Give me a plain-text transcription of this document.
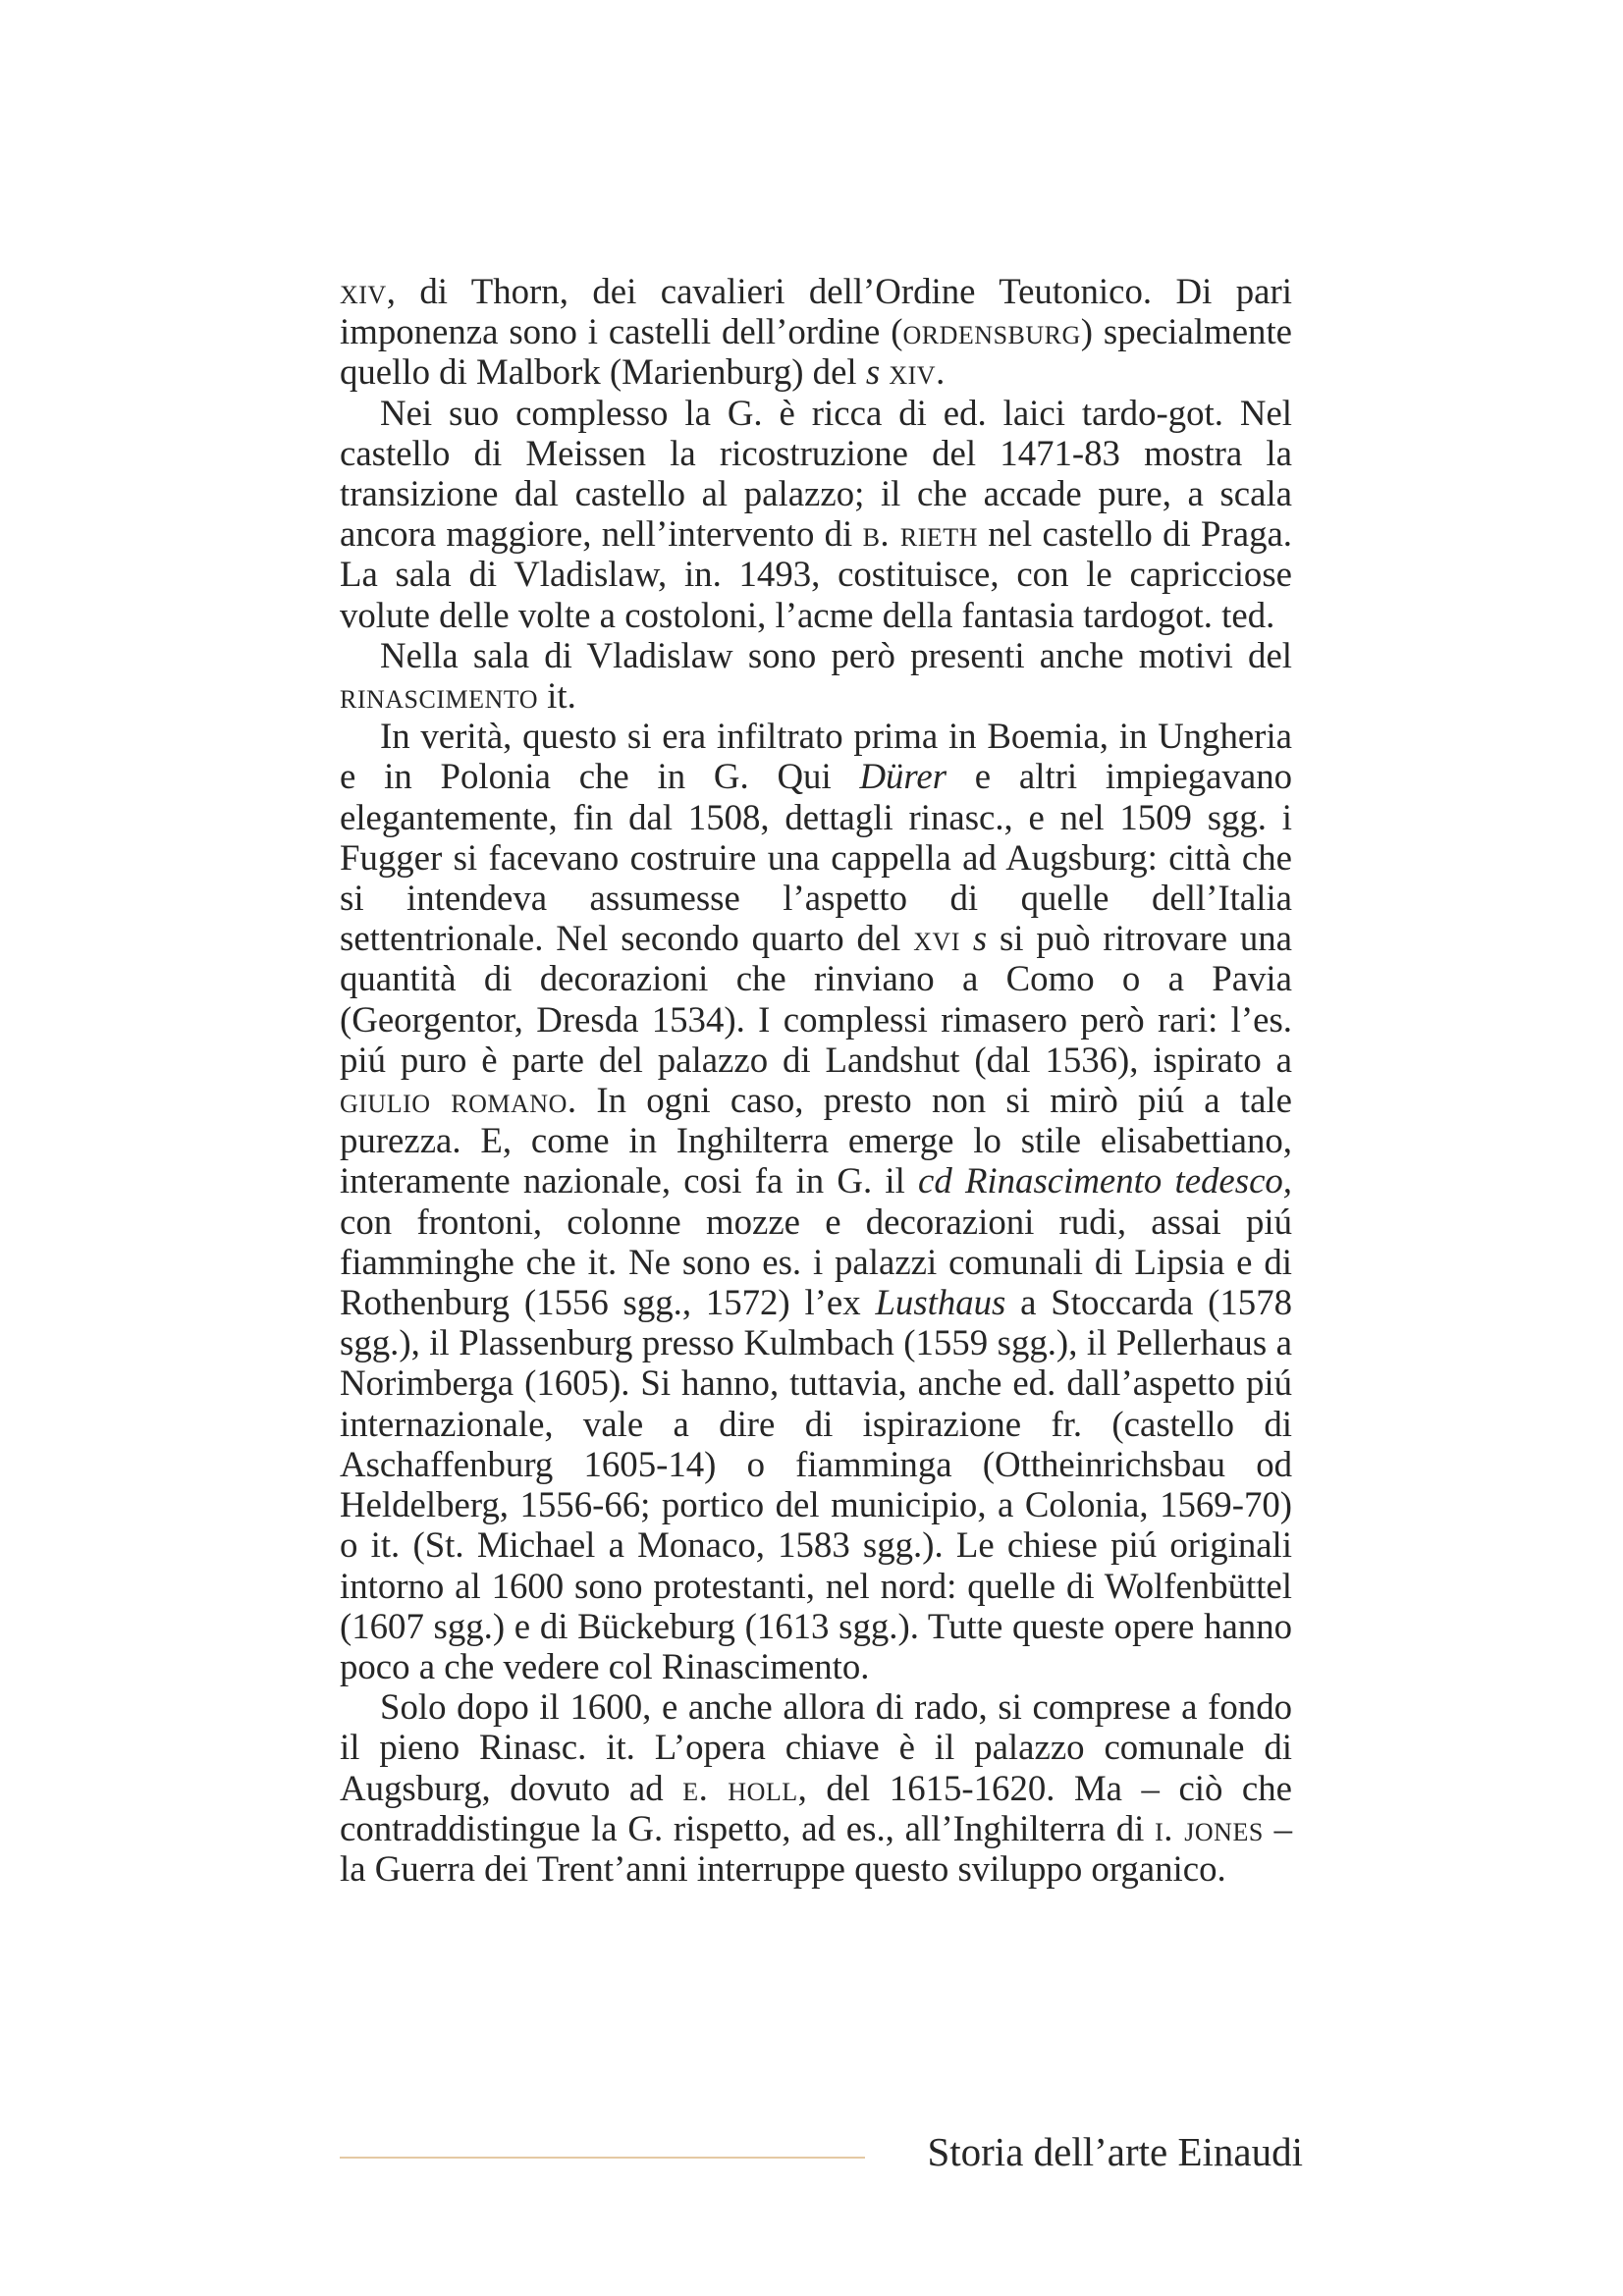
xiv, di Thorn, dei cavalieri dell’Ordine Teutonico. Di pari imponenza sono i castelli dell’ordine (ordensburg) specialmente quello di Malbork (Marienburg) del s xiv.

Nei suo complesso la G. è ricca di ed. laici tardo-got. Nel castello di Meissen la ricostruzione del 1471-83 mostra la transizione dal castello al palazzo; il che accade pure, a scala ancora maggiore, nell’intervento di b. rieth nel castello di Praga. La sala di Vladislaw, in. 1493, costituisce, con le capricciose volute delle volte a costoloni, l’acme della fantasia tardogot. ted.

Nella sala di Vladislaw sono però presenti anche motivi del rinascimento it.

In verità, questo si era infiltrato prima in Boemia, in Ungheria e in Polonia che in G. Qui Dürer e altri impiegavano elegantemente, fin dal 1508, dettagli rinasc., e nel 1509 sgg. i Fugger si facevano costruire una cappella ad Augsburg: città che si intendeva assumesse l’aspetto di quelle dell’Italia settentrionale. Nel secondo quarto del xvi s si può ritrovare una quantità di decorazioni che rinviano a Como o a Pavia (Georgentor, Dresda 1534). I complessi rimasero però rari: l’es. piú puro è parte del palazzo di Landshut (dal 1536), ispirato a giulio romano. In ogni caso, presto non si mirò piú a tale purezza. E, come in Inghilterra emerge lo stile elisabettiano, interamente nazionale, cosi fa in G. il cd Rinascimento tedesco, con frontoni, colonne mozze e decorazioni rudi, assai piú fiamminghe che it. Ne sono es. i palazzi comunali di Lipsia e di Rothenburg (1556 sgg., 1572) l’ex Lusthaus a Stoccarda (1578 sgg.), il Plassenburg presso Kulmbach (1559 sgg.), il Pellerhaus a Norimberga (1605). Si hanno, tuttavia, anche ed. dall’aspetto piú internazionale, vale a dire di ispirazione fr. (castello di Aschaffenburg 1605-14) o fiamminga (Ottheinrichsbau od Heldelberg, 1556-66; portico del municipio, a Colonia, 1569-70) o it. (St. Michael a Monaco, 1583 sgg.). Le chiese piú originali intorno al 1600 sono protestanti, nel nord: quelle di Wolfenbüttel (1607 sgg.) e di Bückeburg (1613 sgg.). Tutte queste opere hanno poco a che vedere col Rinascimento.

Solo dopo il 1600, e anche allora di rado, si comprese a fondo il pieno Rinasc. it. L’opera chiave è il palazzo comunale di Augsburg, dovuto ad e. holl, del 1615-1620. Ma – ciò che contraddistingue la G. rispetto, ad es., all’Inghilterra di i. jones – la Guerra dei Trent’anni interruppe questo sviluppo organico.

Storia dell’arte Einaudi
